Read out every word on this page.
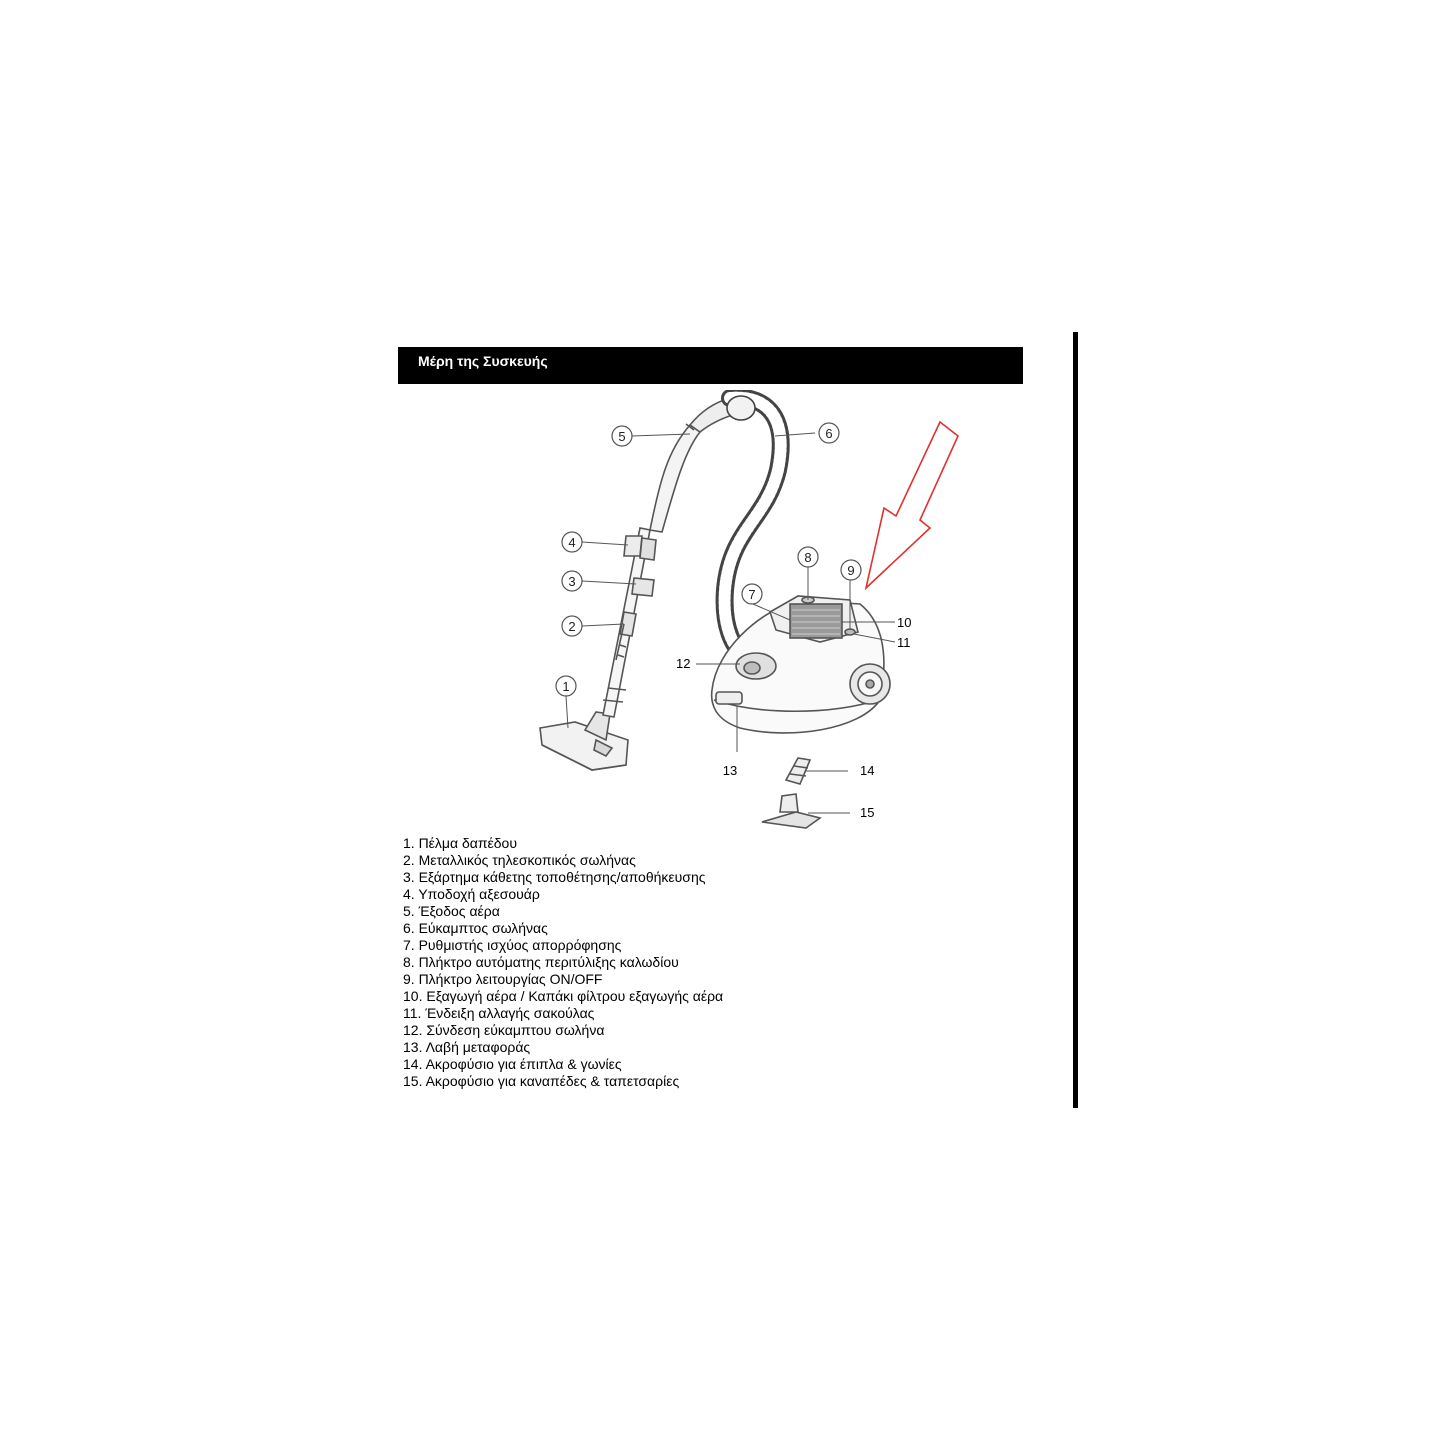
Μέρη της Συσκευής
5	6
4
3
2
1
7
8
9
10
11
12
13	14
15
1. Πέλμα δαπέδου
2. Μεταλλικός τηλεσκοπικός σωλήνας
3. Εξάρτημα κάθετης τοποθέτησης/αποθήκευσης
4. Υποδοχή αξεσουάρ
5. Έξοδος αέρα
6. Εύκαμπτος σωλήνας
7. Ρυθμιστής ισχύος απορρόφησης
8. Πλήκτρο αυτόματης περιτύλιξης καλωδίου
9. Πλήκτρο λειτουργίας ON/OFF
10. Εξαγωγή αέρα / Καπάκι φίλτρου εξαγωγής αέρα
11. Ένδειξη αλλαγής σακούλας
12. Σύνδεση εύκαμπτου σωλήνα
13. Λαβή μεταφοράς
14. Ακροφύσιο για έπιπλα & γωνίες
15. Ακροφύσιο για καναπέδες & ταπετσαρίες
